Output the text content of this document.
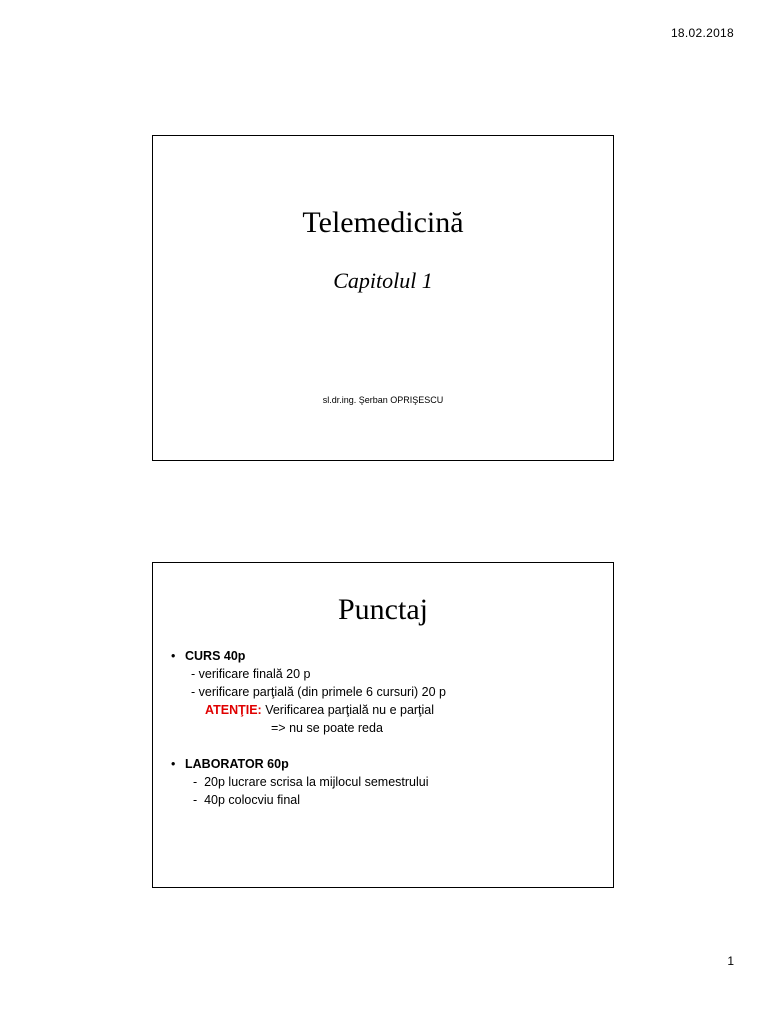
18.02.2018
Telemedicină
Capitolul 1
sl.dr.ing. Şerban OPRIŞESCU
Punctaj
• CURS 40p
- verificare finală 20 p
- verificare parţială (din primele 6 cursuri) 20 p
ATENŢIE: Verificarea parţială nu e parţial
=> nu se poate reda
• LABORATOR 60p
-  20p lucrare scrisa la mijlocul semestrului
-  40p colocviu final
1
